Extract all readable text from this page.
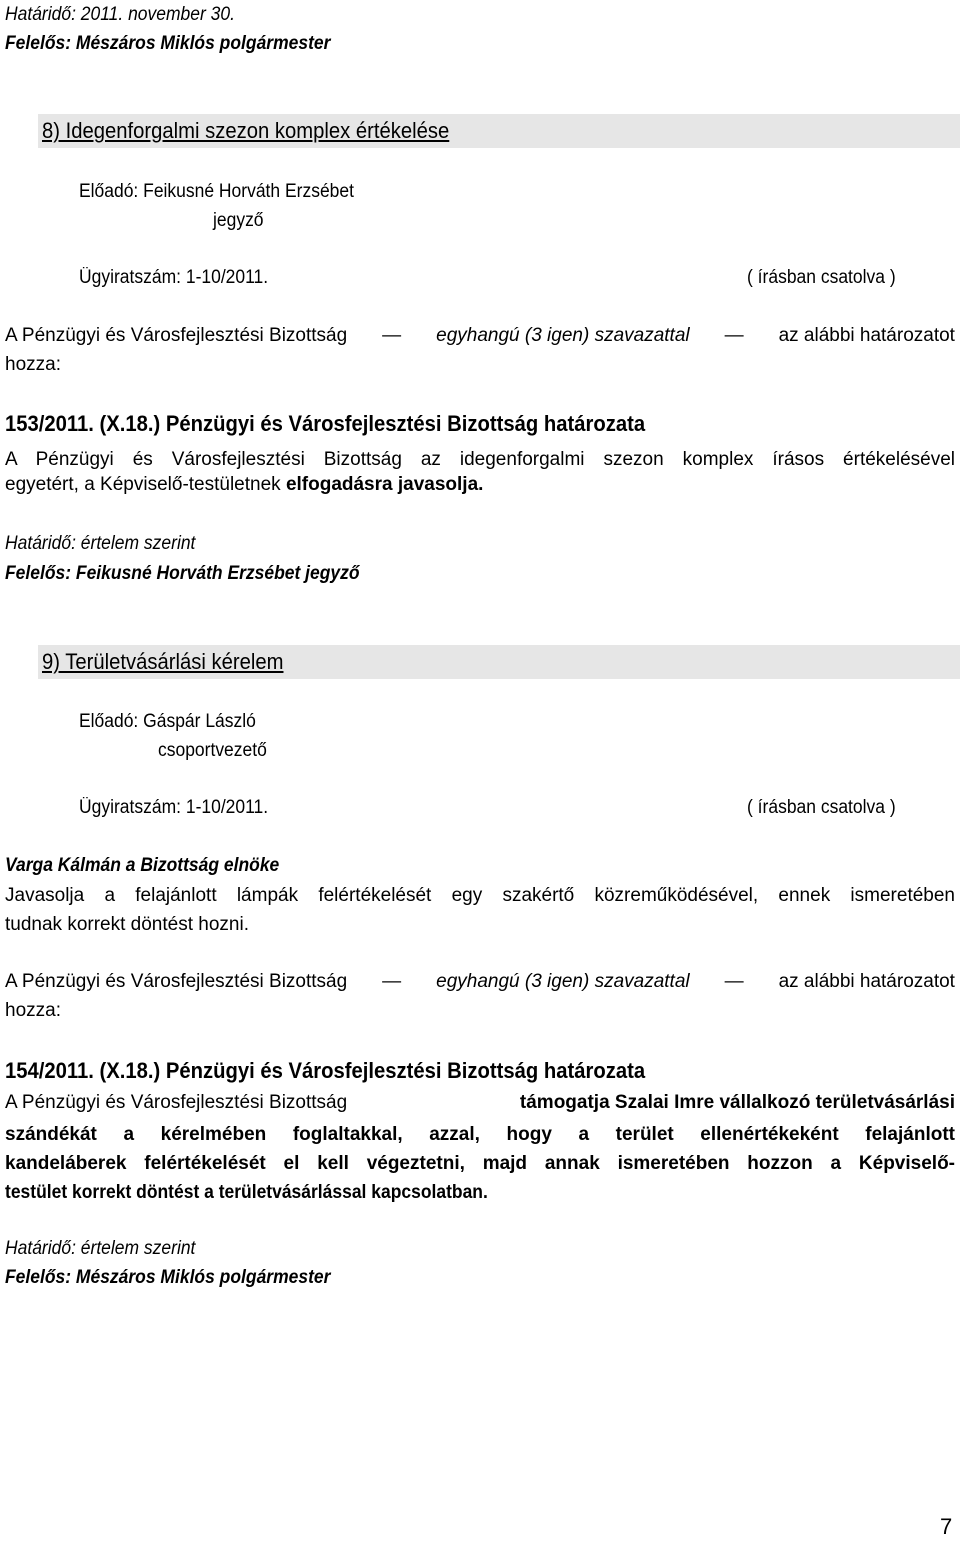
Határidő: 2011. november 30.
Felelős: Mészáros Miklós polgármester
8) Idegenforgalmi szezon komplex értékelése
Előadó: Feikusné Horváth Erzsébet
jegyző
Ügyiratszám: 1-10/2011.	( írásban csatolva )
A Pénzügyi és Városfejlesztési Bizottság — egyhangú (3 igen) szavazattal — az alábbi határozatot
hozza:
153/2011. (X.18.) Pénzügyi és Városfejlesztési Bizottság határozata
A Pénzügyi és Városfejlesztési Bizottság az idegenforgalmi szezon komplex írásos értékelésével
egyetért, a Képviselő-testületnek elfogadásra javasolja.
Határidő: értelem szerint
Felelős: Feikusné Horváth Erzsébet jegyző
9) Területvásárlási kérelem
Előadó: Gáspár László
csoportvezető
Ügyiratszám: 1-10/2011.	( írásban csatolva )
Varga Kálmán a Bizottság elnöke
Javasolja a felajánlott lámpák felértékelését egy szakértő közreműködésével, ennek ismeretében
tudnak korrekt döntést hozni.
A Pénzügyi és Városfejlesztési Bizottság — egyhangú (3 igen) szavazattal — az alábbi határozatot
hozza:
154/2011. (X.18.) Pénzügyi és Városfejlesztési Bizottság határozata
A Pénzügyi és Városfejlesztési Bizottság	támogatja Szalai Imre vállalkozó területvásárlási
szándékát a kérelmében foglaltakkal, azzal, hogy a terület ellenértékeként felajánlott
kandeláberek felértékelését el kell végeztetni, majd annak ismeretében hozzon a Képviselő-
testület korrekt döntést a területvásárlással kapcsolatban.
Határidő: értelem szerint
Felelős: Mészáros Miklós polgármester
7
